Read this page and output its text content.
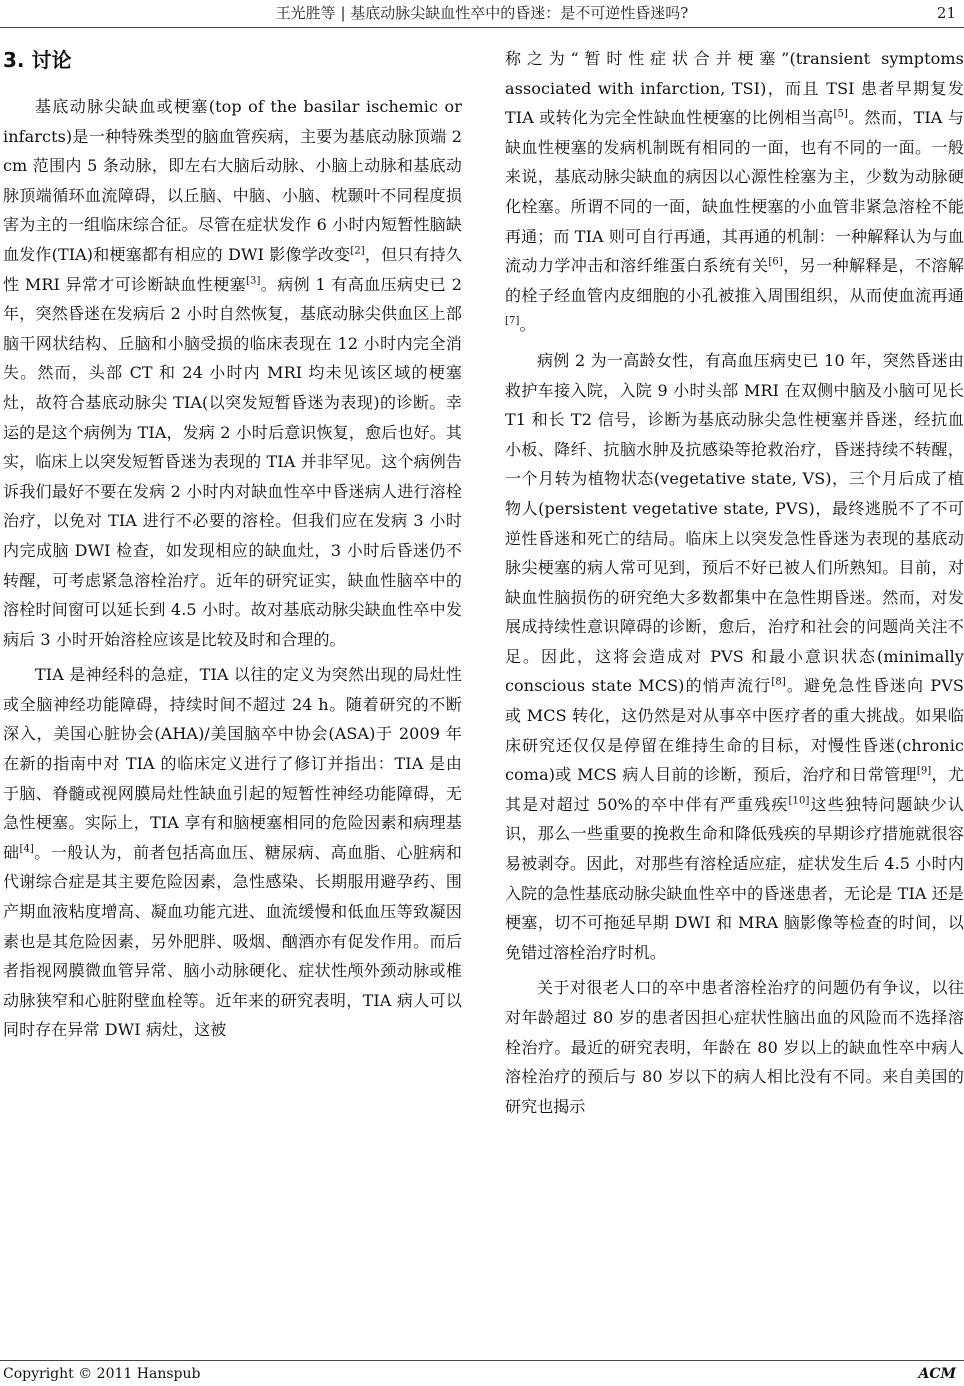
王光胜等 | 基底动脉尖缺血性卒中的昏迷：是不可逆性昏迷吗?	21
3. 讨论

基底动脉尖缺血或梗塞(top of the basilar ischemic or infarcts)是一种特殊类型的脑血管疾病，主要为基底动脉顶端 2 cm 范围内 5 条动脉，即左右大脑后动脉、小脑上动脉和基底动脉顶端循环血流障碍，以丘脑、中脑、小脑、枕颞叶不同程度损害为主的一组临床综合征。尽管在症状发作 6 小时内短暂性脑缺血发作(TIA)和梗塞都有相应的 DWI 影像学改变[2]，但只有持久性 MRI 异常才可诊断缺血性梗塞[3]。病例 1 有高血压病史已 2 年，突然昏迷在发病后 2 小时自然恢复，基底动脉尖供血区上部脑干网状结构、丘脑和小脑受损的临床表现在 12 小时内完全消失。然而，头部 CT 和 24 小时内 MRI 均未见该区域的梗塞灶，故符合基底动脉尖 TIA(以突发短暂昏迷为表现)的诊断。幸运的是这个病例为 TIA，发病 2 小时后意识恢复，愈后也好。其实，临床上以突发短暂昏迷为表现的 TIA 并非罕见。这个病例告诉我们最好不要在发病 2 小时内对缺血性卒中昏迷病人进行溶栓治疗，以免对 TIA 进行不必要的溶栓。但我们应在发病 3 小时内完成脑 DWI 检查，如发现相应的缺血灶，3 小时后昏迷仍不转醒，可考虑紧急溶栓治疗。近年的研究证实，缺血性脑卒中的溶栓时间窗可以延长到 4.5 小时。故对基底动脉尖缺血性卒中发病后 3 小时开始溶栓应该是比较及时和合理的。

TIA 是神经科的急症，TIA 以往的定义为突然出现的局灶性或全脑神经功能障碍，持续时间不超过 24 h。随着研究的不断深入，美国心脏协会(AHA)/美国脑卒中协会(ASA)于 2009 年在新的指南中对 TIA 的临床定义进行了修订并指出：TIA 是由于脑、脊髓或视网膜局灶性缺血引起的短暂性神经功能障碍，无急性梗塞。实际上，TIA 享有和脑梗塞相同的危险因素和病理基础[4]。一般认为，前者包括高血压、糖尿病、高血脂、心脏病和代谢综合症是其主要危险因素，急性感染、长期服用避孕药、围产期血液粘度增高、凝血功能亢进、血流缓慢和低血压等致凝因素也是其危险因素，另外肥胖、吸烟、酗酒亦有促发作用。而后者指视网膜微血管异常、脑小动脉硬化、症状性颅外颈动脉或椎动脉狭窄和心脏附壁血栓等。近年来的研究表明，TIA 病人可以同时存在异常 DWI 病灶，这被

称之为“暂时性症状合并梗塞”(transient symptoms associated with infarction, TSI)，而且 TSI 患者早期复发 TIA 或转化为完全性缺血性梗塞的比例相当高[5]。然而，TIA 与缺血性梗塞的发病机制既有相同的一面，也有不同的一面。一般来说，基底动脉尖缺血的病因以心源性栓塞为主，少数为动脉硬化栓塞。所谓不同的一面，缺血性梗塞的小血管非紧急溶栓不能再通；而 TIA 则可自行再通，其再通的机制：一种解释认为与血流动力学冲击和溶纤维蛋白系统有关[6]，另一种解释是，不溶解的栓子经血管内皮细胞的小孔被推入周围组织，从而使血流再通[7]。

病例 2 为一高龄女性，有高血压病史已 10 年，突然昏迷由救护车接入院，入院 9 小时头部 MRI 在双侧中脑及小脑可见长 T1 和长 T2 信号，诊断为基底动脉尖急性梗塞并昏迷，经抗血小板、降纤、抗脑水肿及抗感染等抢救治疗，昏迷持续不转醒，一个月转为植物状态(vegetative state, VS)，三个月后成了植物人(persistent vegetative state, PVS)，最终逃脱不了不可逆性昏迷和死亡的结局。临床上以突发急性昏迷为表现的基底动脉尖梗塞的病人常可见到，预后不好已被人们所熟知。目前，对缺血性脑损伤的研究绝大多数都集中在急性期昏迷。然而，对发展成持续性意识障碍的诊断，愈后，治疗和社会的问题尚关注不足。因此，这将会造成对 PVS 和最小意识状态(minimally conscious state MCS)的悄声流行[8]。避免急性昏迷向 PVS 或 MCS 转化，这仍然是对从事卒中医疗者的重大挑战。如果临床研究还仅仅是停留在维持生命的目标，对慢性昏迷(chronic coma)或 MCS 病人目前的诊断，预后，治疗和日常管理[9]，尤其是对超过 50%的卒中伴有严重残疾[10]这些独特问题缺少认识，那么一些重要的挽救生命和降低残疾的早期诊疗措施就很容易被剥夺。因此，对那些有溶栓适应症，症状发生后 4.5 小时内入院的急性基底动脉尖缺血性卒中的昏迷患者，无论是 TIA 还是梗塞，切不可拖延早期 DWI 和 MRA 脑影像等检查的时间，以免错过溶栓治疗时机。

关于对很老人口的卒中患者溶栓治疗的问题仍有争议，以往对年龄超过 80 岁的患者因担心症状性脑出血的风险而不选择溶栓治疗。最近的研究表明，年龄在 80 岁以上的缺血性卒中病人溶栓治疗的预后与 80 岁以下的病人相比没有不同。来自美国的研究也揭示

Copyright © 2011 Hanspub	ACM
